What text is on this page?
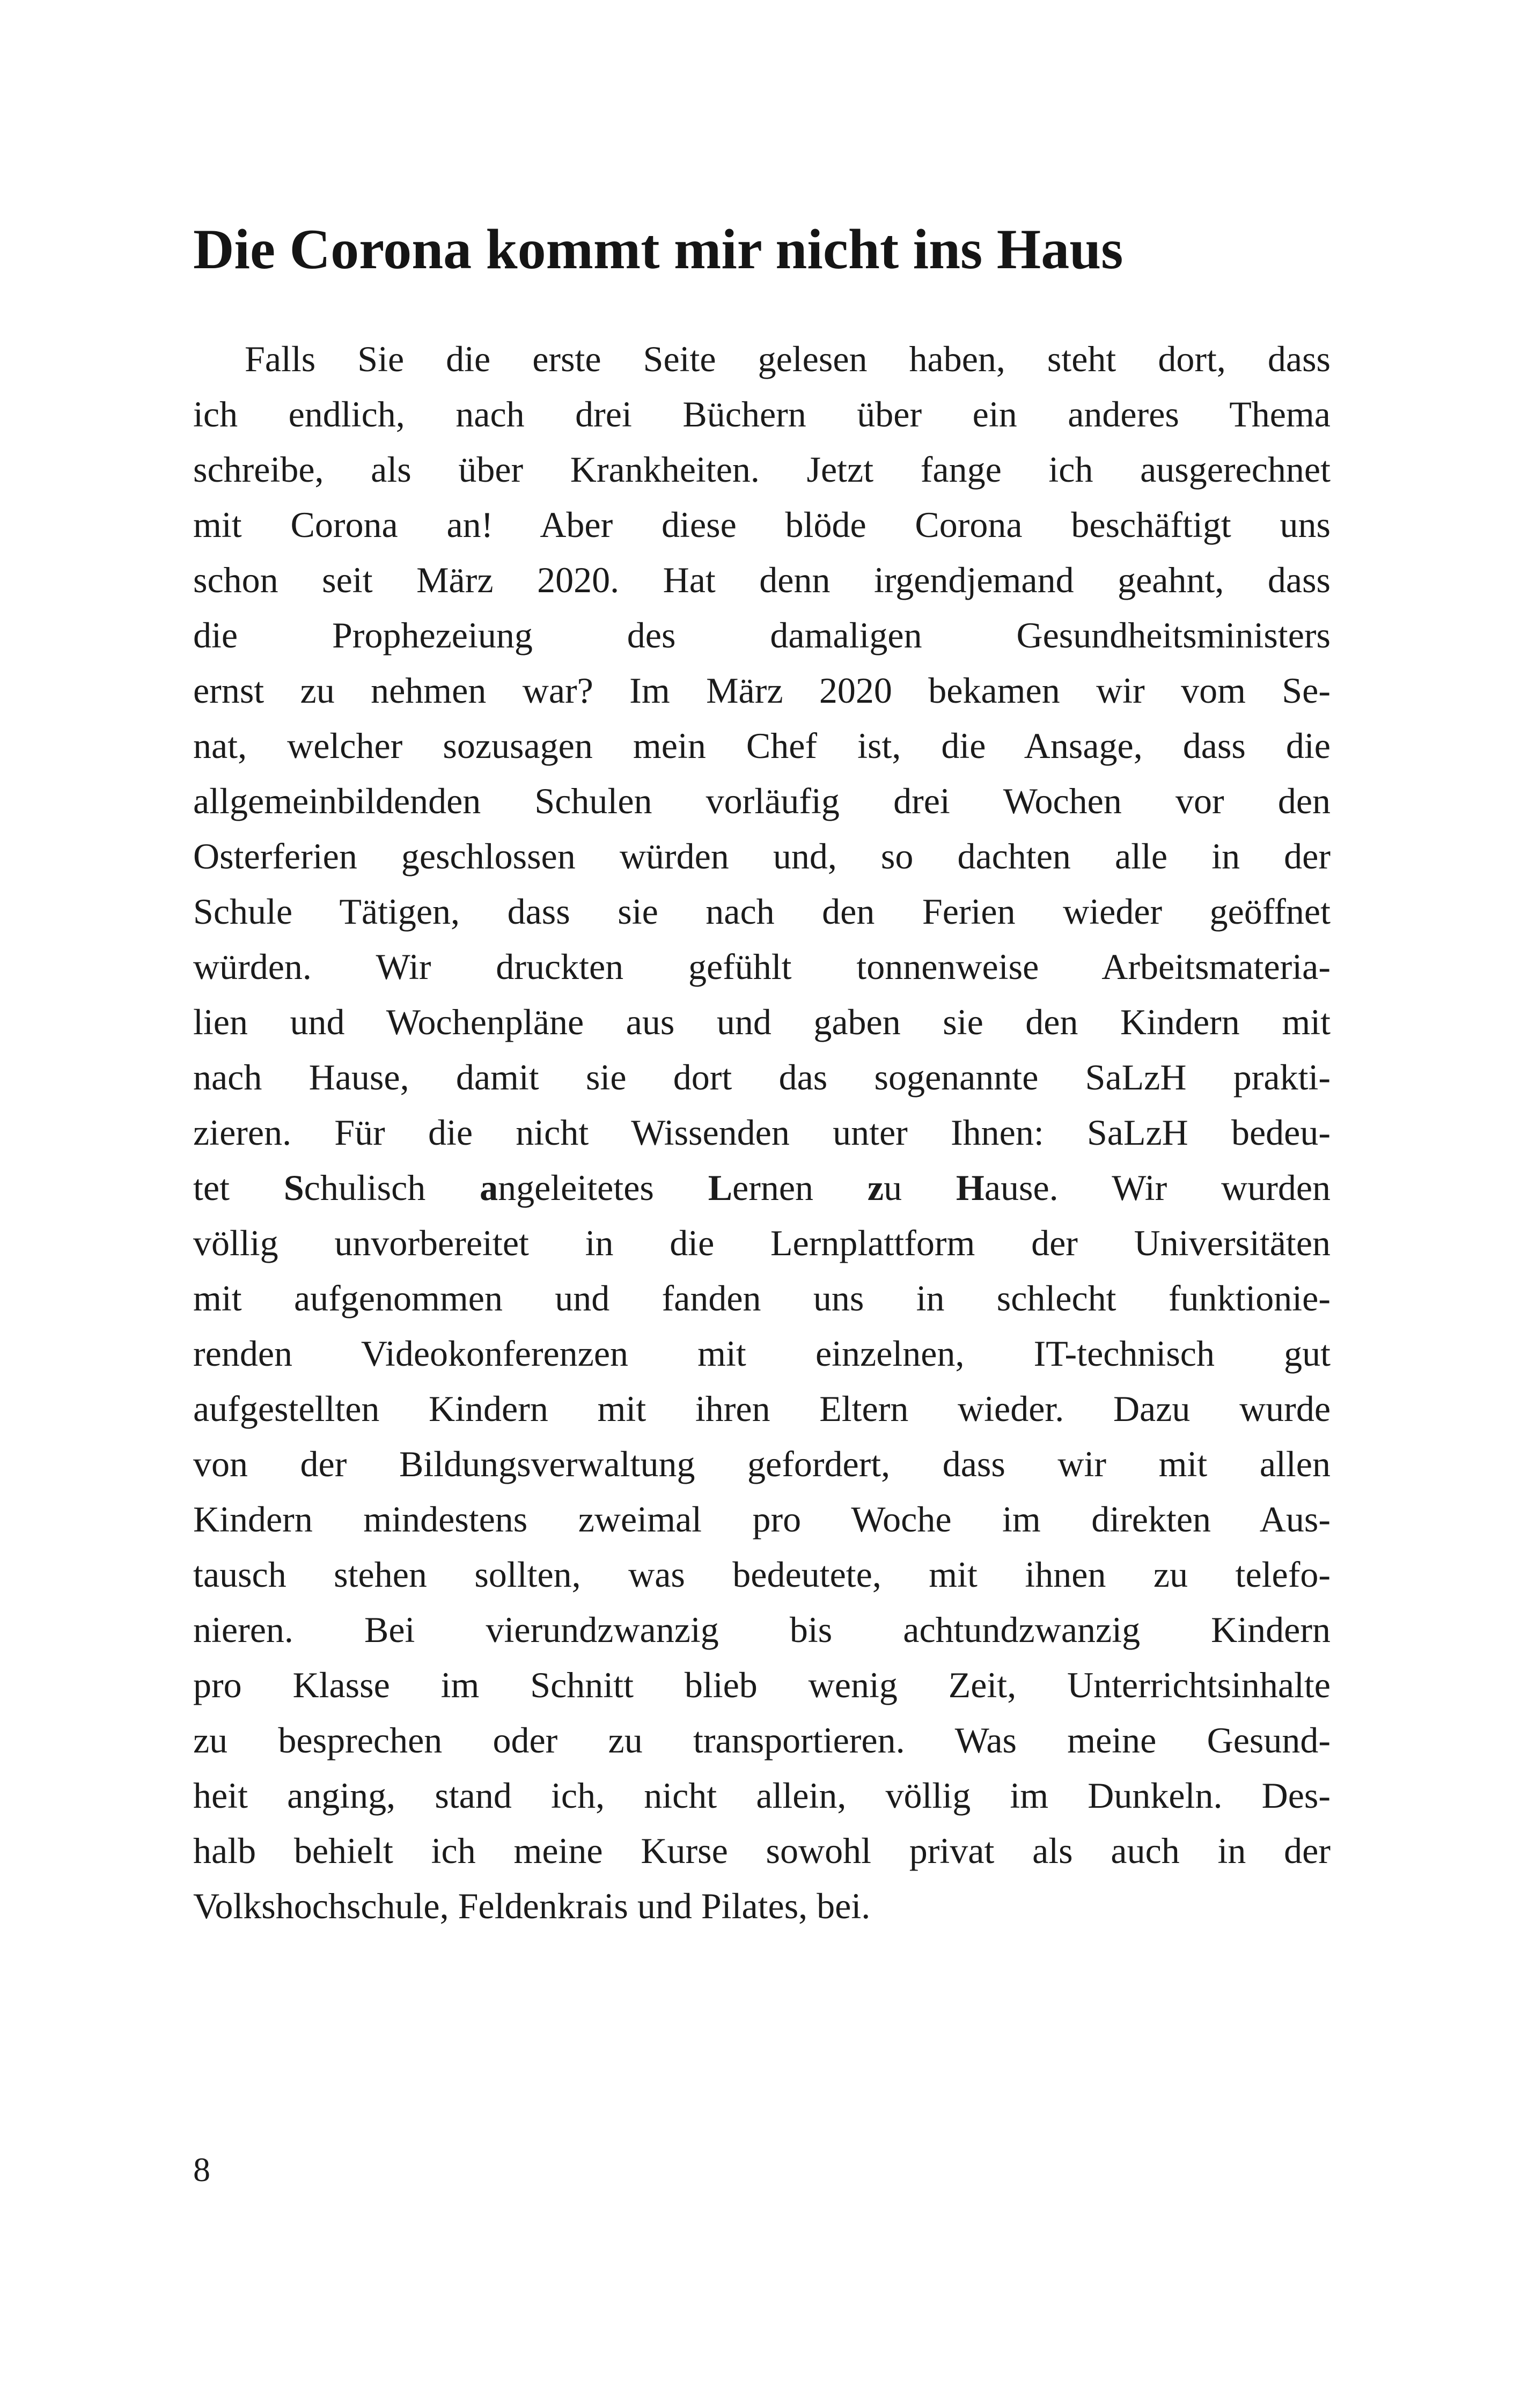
Die Corona kommt mir nicht ins Haus
Falls Sie die erste Seite gelesen haben, steht dort, dass
ich endlich, nach drei Büchern über ein anderes Thema
schreibe, als über Krankheiten. Jetzt fange ich ausgerechnet
mit Corona an! Aber diese blöde Corona beschäftigt uns
schon seit März 2020. Hat denn irgendjemand geahnt, dass
die Prophezeiung des damaligen Gesundheitsministers
ernst zu nehmen war? Im März 2020 bekamen wir vom Se-
nat, welcher sozusagen mein Chef ist, die Ansage, dass die
allgemeinbildenden Schulen vorläufig drei Wochen vor den
Osterferien geschlossen würden und, so dachten alle in der
Schule Tätigen, dass sie nach den Ferien wieder geöffnet
würden. Wir druckten gefühlt tonnenweise Arbeitsmateria-
lien und Wochenpläne aus und gaben sie den Kindern mit
nach Hause, damit sie dort das sogenannte SaLzH prakti-
zieren. Für die nicht Wissenden unter Ihnen: SaLzH bedeu-
tet Schulisch angeleitetes Lernen zu Hause. Wir wurden
völlig unvorbereitet in die Lernplattform der Universitäten
mit aufgenommen und fanden uns in schlecht funktionie-
renden Videokonferenzen mit einzelnen, IT-technisch gut
aufgestellten Kindern mit ihren Eltern wieder. Dazu wurde
von der Bildungsverwaltung gefordert, dass wir mit allen
Kindern mindestens zweimal pro Woche im direkten Aus-
tausch stehen sollten, was bedeutete, mit ihnen zu telefo-
nieren. Bei vierundzwanzig bis achtundzwanzig Kindern
pro Klasse im Schnitt blieb wenig Zeit, Unterrichtsinhalte
zu besprechen oder zu transportieren. Was meine Gesund-
heit anging, stand ich, nicht allein, völlig im Dunkeln. Des-
halb behielt ich meine Kurse sowohl privat als auch in der
Volkshochschule, Feldenkrais und Pilates, bei.
8
